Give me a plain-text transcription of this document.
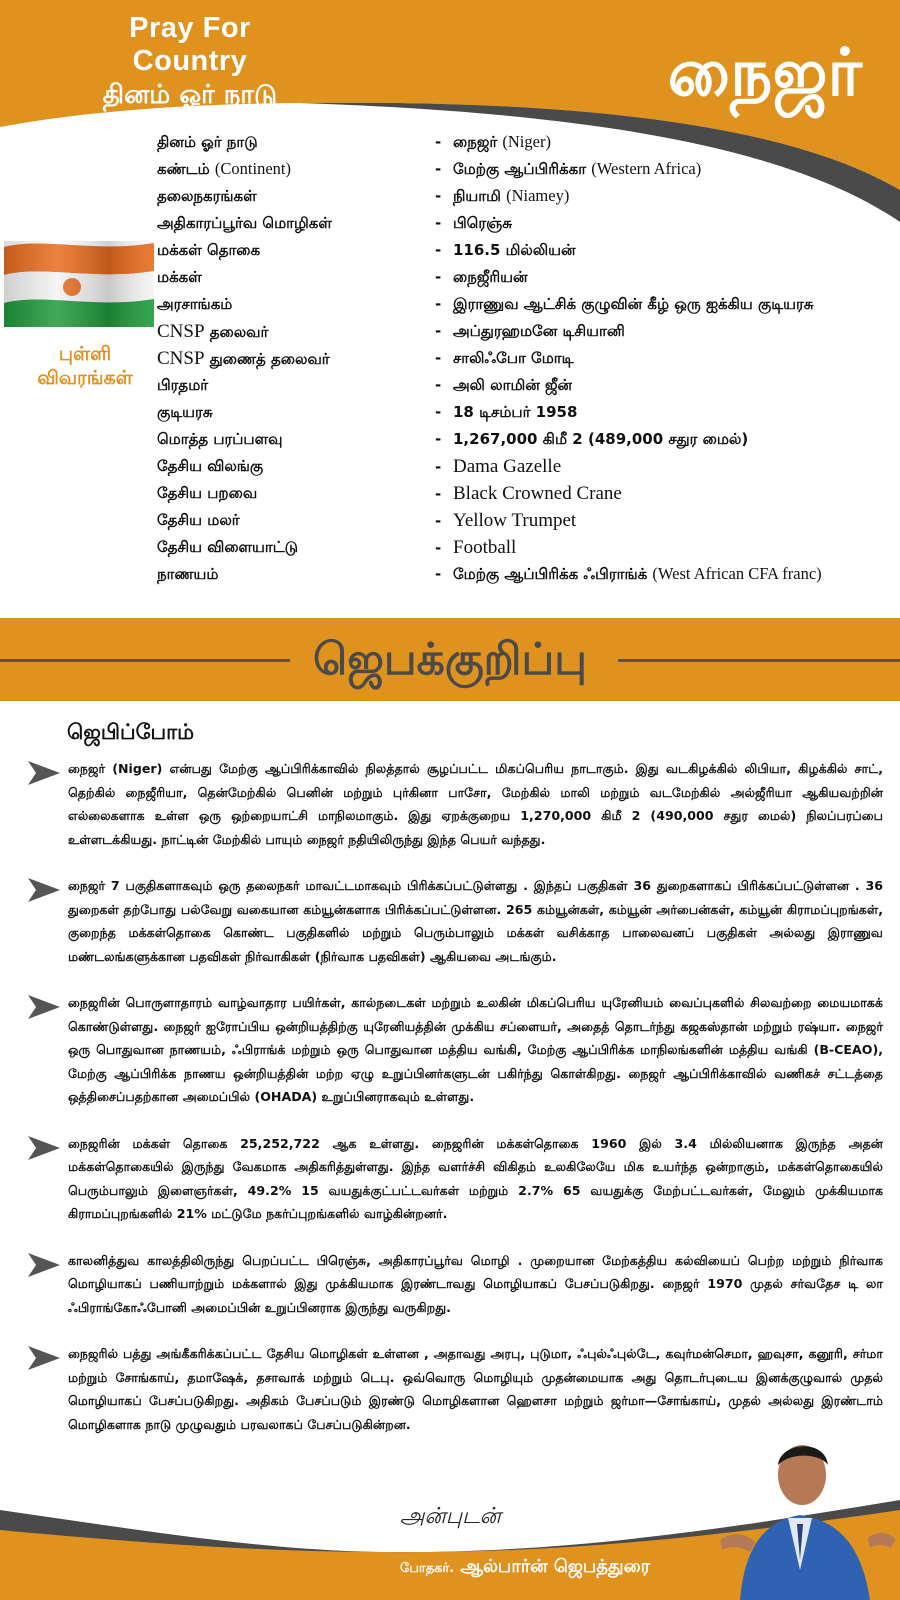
Pray For Country
தினம் ஓர் நாடு	நைஜர்
புள்ளி
விவரங்கள்
தினம் ஓர் நாடு	- நைஜர் (Niger)
கண்டம் (Continent)	- மேற்கு ஆப்பிரிக்கா (Western Africa)
தலைநகரங்கள்	- நியாமி (Niamey)
அதிகாரப்பூர்வ மொழிகள்	- பிரெஞ்சு
மக்கள் தொகை	- 116.5 மில்லியன்
மக்கள்	- நைஜீரியன்
அரசாங்கம்	- இராணுவ ஆட்சிக் குழுவின் கீழ் ஒரு ஐக்கிய குடியரசு
CNSP தலைவர்	- அப்துரஹமனே டிசியானி
CNSP துணைத் தலைவர்	- சாலிஃபோ மோடி
பிரதமர்	- அலி லாமின் ஜீன்
குடியரசு	- 18 டிசம்பர் 1958
மொத்த பரப்பளவு	- 1,267,000 கிமீ 2 (489,000 சதுர மைல்)
தேசிய விலங்கு	- Dama Gazelle
தேசிய பறவை	- Black Crowned Crane
தேசிய மலர்	- Yellow Trumpet
தேசிய விளையாட்டு	- Football
நாணயம்	- மேற்கு ஆப்பிரிக்க ஃபிராங்க் (West African CFA franc)
ஜெபக்குறிப்பு
ஜெபிப்போம்

நைஜர் (Niger) என்பது மேற்கு ஆப்பிரிக்காவில் நிலத்தால் சூழப்பட்ட மிகப்பெரிய நாடாகும். இது வடகிழக்கில் லிபியா, கிழக்கில் சாட், தெற்கில் நைஜீரியா, தென்மேற்கில் பெனின் மற்றும் புர்கினா பாசோ, மேற்கில் மாலி மற்றும் வடமேற்கில் அல்ஜீரியா ஆகியவற்றின் எல்லைகளாக உள்ள ஒரு ஒற்றையாட்சி மாநிலமாகும். இது ஏறக்குறைய 1,270,000 கிமீ 2 (490,000 சதுர மைல்) நிலப்பரப்பை உள்ளடக்கியது. நாட்டின் மேற்கில் பாயும் நைஜர் நதியிலிருந்து இந்த பெயர் வந்தது.

நைஜர் 7 பகுதிகளாகவும் ஒரு தலைநகர் மாவட்டமாகவும் பிரிக்கப்பட்டுள்ளது . இந்தப் பகுதிகள் 36 துறைகளாகப் பிரிக்கப்பட்டுள்ளன . 36 துறைகள் தற்போது பல்வேறு வகையான கம்யூன்களாக பிரிக்கப்பட்டுள்ளன. 265 கம்யூன்கள், கம்யூன் அர்பைன்கள், கம்யூன் கிராமப்புறங்கள், குறைந்த மக்கள்தொகை கொண்ட பகுதிகளில் மற்றும் பெரும்பாலும் மக்கள் வசிக்காத பாலைவனப் பகுதிகள் அல்லது இராணுவ மண்டலங்களுக்கான பதவிகள் நிர்வாகிகள் (நிர்வாக பதவிகள்) ஆகியவை அடங்கும்.

நைஜரின் பொருளாதாரம் வாழ்வாதார பயிர்கள், கால்நடைகள் மற்றும் உலகின் மிகப்பெரிய யுரேனியம் வைப்புகளில் சிலவற்றை மையமாகக் கொண்டுள்ளது. நைஜர் ஐரோப்பிய ஒன்றியத்திற்கு யுரேனியத்தின் முக்கிய சப்ளையர், அதைத் தொடர்ந்து கஜகஸ்தான் மற்றும் ரஷ்யா. நைஜர் ஒரு பொதுவான நாணயம், ஃபிராங்க் மற்றும் ஒரு பொதுவான மத்திய வங்கி, மேற்கு ஆப்பிரிக்க மாநிலங்களின் மத்திய வங்கி (B-CEAO), மேற்கு ஆப்பிரிக்க நாணய ஒன்றியத்தின் மற்ற ஏழு உறுப்பினர்களுடன் பகிர்ந்து கொள்கிறது. நைஜர் ஆப்பிரிக்காவில் வணிகச் சட்டத்தை ஒத்திசைப்பதற்கான அமைப்பில் (OHADA) உறுப்பினராகவும் உள்ளது.

நைஜரின் மக்கள் தொகை 25,252,722 ஆக உள்ளது. நைஜரின் மக்கள்தொகை 1960 இல் 3.4 மில்லியனாக இருந்த அதன் மக்கள்தொகையில் இருந்து வேகமாக அதிகரித்துள்ளது. இந்த வளர்ச்சி விகிதம் உலகிலேயே மிக உயர்ந்த ஒன்றாகும், மக்கள்தொகையில் பெரும்பாலும் இளைஞர்கள், 49.2% 15 வயதுக்குட்பட்டவர்கள் மற்றும் 2.7% 65 வயதுக்கு மேற்பட்டவர்கள், மேலும் முக்கியமாக கிராமப்புறங்களில் 21% மட்டுமே நகர்ப்புறங்களில் வாழ்கின்றனர்.

காலனித்துவ காலத்திலிருந்து பெறப்பட்ட பிரெஞ்சு, அதிகாரப்பூர்வ மொழி . முறையான மேற்கத்திய கல்வியைப் பெற்ற மற்றும் நிர்வாக மொழியாகப் பணியாற்றும் மக்களால் இது முக்கியமாக இரண்டாவது மொழியாகப் பேசப்படுகிறது. நைஜர் 1970 முதல் சர்வதேச டி லா ஃபிராங்கோஃபோனி அமைப்பின் உறுப்பினராக இருந்து வருகிறது.

நைஜரில் பத்து அங்கீகரிக்கப்பட்ட தேசிய மொழிகள் உள்ளன , அதாவது அரபு, புடுமா, ஃபுல்ஃபுல்டே, கவுர்மன்செமா, ஹவுசா, கனூரி, சர்மா மற்றும் சோங்காய், தமாஷேக், தசாவாக் மற்றும் டெபு. ஒவ்வொரு மொழியும் முதன்மையாக அது தொடர்புடைய இனக்குழுவால் முதல் மொழியாகப் பேசப்படுகிறது. அதிகம் பேசப்படும் இரண்டு மொழிகளான ஹௌசா மற்றும் ஜர்மா—சோங்காய், முதல் அல்லது இரண்டாம் மொழிகளாக நாடு முழுவதும் பரவலாகப் பேசப்படுகின்றன.

அன்புடன்
போதகர். ஆல்பார்ன் ஜெபத்துரை
